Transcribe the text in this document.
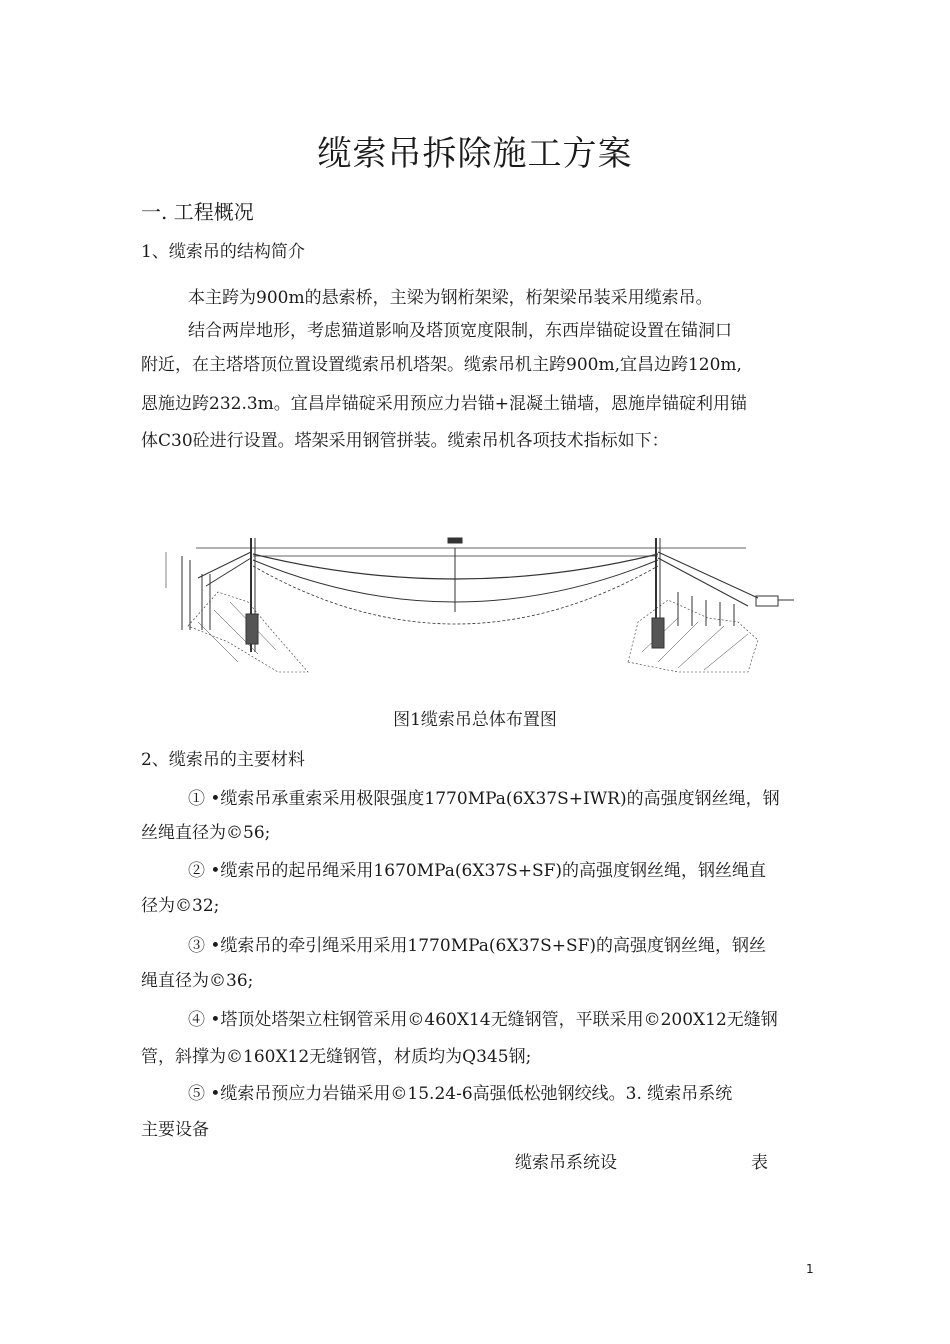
缆索吊拆除施工方案
一. 工程概况
1、缆索吊的结构简介
本主跨为900m的悬索桥，主梁为钢桁架梁，桁架梁吊装采用缆索吊。
结合两岸地形，考虑猫道影响及塔顶宽度限制，东西岸锚碇设置在锚洞口
附近，在主塔塔顶位置设置缆索吊机塔架。缆索吊机主跨900m,宜昌边跨120m,
恩施边跨232.3m。宜昌岸锚碇采用预应力岩锚+混凝土锚墙，恩施岸锚碇利用锚
体C30砼进行设置。塔架采用钢管拼装。缆索吊机各项技术指标如下：
图1缆索吊总体布置图
2、缆索吊的主要材料
① •缆索吊承重索采用极限强度1770MPa(6X37S+IWR)的高强度钢丝绳，钢
丝绳直径为©56;
② •缆索吊的起吊绳采用1670MPa(6X37S+SF)的高强度钢丝绳，钢丝绳直
径为©32;
③ •缆索吊的牵引绳采用采用1770MPa(6X37S+SF)的高强度钢丝绳，钢丝
绳直径为©36;
④ •塔顶处塔架立柱钢管采用©460X14无缝钢管，平联采用©200X12无缝钢
管，斜撑为©160X12无缝钢管，材质均为Q345钢;
⑤ •缆索吊预应力岩锚采用©15.24-6高强低松弛钢绞线。3. 缆索吊系统
主要设备
缆索吊系统设	表
1
